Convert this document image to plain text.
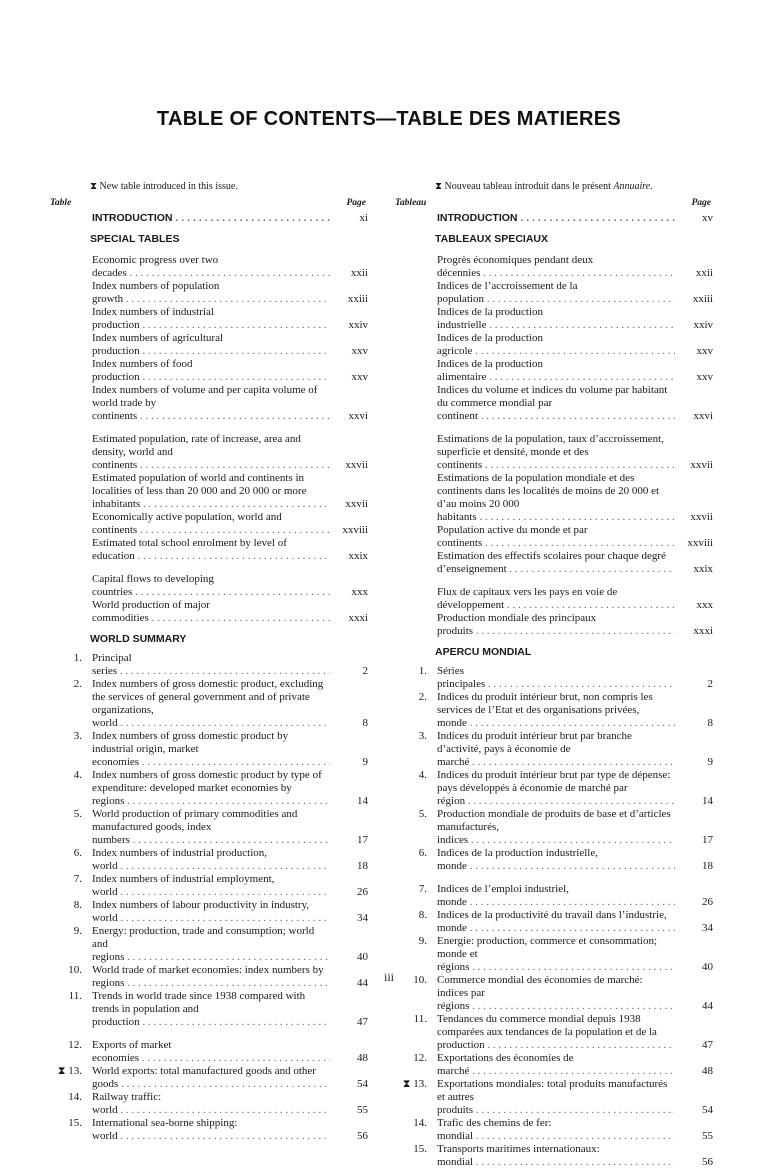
TABLE OF CONTENTS—TABLE DES MATIERES
⧗ New table introduced in this issue.
Table	Page
INTRODUCTION . . .	xi
SPECIAL TABLES
Economic progress over two decades . . .	xxii
Index numbers of population growth . . .	xxiii
Index numbers of industrial production . . .	xxiv
Index numbers of agricultural production . . .	xxv
Index numbers of food production . . .	xxv
Index numbers of volume and per capita volume of world trade by continents . . .	xxvi
Estimated population, rate of increase, area and density, world and continents . . .	xxvii
Estimated population of world and continents in localities of less than 20 000 and 20 000 or more inhabitants . . .	xxvii
Economically active population, world and continents . . .	xxviii
Estimated total school enrolment by level of education . . .	xxix
Capital flows to developing countries . . .	xxx
World production of major commodities . . .	xxxi
WORLD SUMMARY
1. Principal series . . .	2
2. Index numbers of gross domestic product, excluding the services of general government and of private organizations, world . . .	8
3. Index numbers of gross domestic product by industrial origin, market economies . . .	9
4. Index numbers of gross domestic product by type of expenditure: developed market economies by regions . . .	14
5. World production of primary commodities and manufactured goods, index numbers . . .	17
6. Index numbers of industrial production, world . . .	18
7. Index numbers of industrial employment, world . . .	26
8. Index numbers of labour productivity in industry, world . . .	34
9. Energy: production, trade and consumption; world and regions . . .	40
10. World trade of market economies: index numbers by regions . . .	44
11. Trends in world trade since 1938 compared with trends in population and production . . .	47
12. Exports of market economies . . .	48
⧗ 13. World exports: total manufactured goods and other goods . . .	54
14. Railway traffic: world . . .	55
15. International sea-borne shipping: world . . .	56
⧗ Nouveau tableau introduit dans le présent Annuaire.
Tableau	Page
INTRODUCTION . . .	xv
TABLEAUX SPECIAUX
Progrès économiques pendant deux décennies . . .	xxii
Indices de l’accroissement de la population . . .	xxiii
Indices de la production industrielle . . .	xxiv
Indices de la production agricole . . .	xxv
Indices de la production alimentaire . . .	xxv
Indices du volume et indices du volume par habitant du commerce mondial par continent . . .	xxvi
Estimations de la population, taux d’accroissement, superficie et densité, monde et des continents . . .	xxvii
Estimations de la population mondiale et des continents dans les localités de moins de 20 000 et d’au moins 20 000 habitants . . .	xxvii
Population active du monde et par continents . . .	xxviii
Estimation des effectifs scolaires pour chaque degré d’enseignement . . .	xxix
Flux de capitaux vers les pays en voie de développement . . .	xxx
Production mondiale des principaux produits . . .	xxxi
APERCU MONDIAL
1. Séries principales . . .	2
2. Indices du produit intérieur brut, non compris les services de l’Etat et des organisations privées, monde . . .	8
3. Indices du produit intérieur brut par branche d’activité, pays à économie de marché . . .	9
4. Indices du produit intérieur brut par type de dépense: pays développés à économie de marché par région . . .	14
5. Production mondiale de produits de base et d’articles manufacturés, indices . . .	17
6. Indices de la production industrielle, monde . . .	18
7. Indices de l’emploi industriel, monde . . .	26
8. Indices de la productivité du travail dans l’industrie, monde . . .	34
9. Energie: production, commerce et consommation; monde et régions . . .	40
10. Commerce mondial des économies de marché: indices par régions . . .	44
11. Tendances du commerce mondial depuis 1938 comparées aux tendances de la population et de la production . . .	47
12. Exportations des économies de marché . . .	48
⧗ 13. Exportations mondiales: total produits manufacturés et autres produits . . .	54
14. Trafic des chemins de fer: mondial . . .	55
15. Transports maritimes internationaux: mondial . . .	56
iii
